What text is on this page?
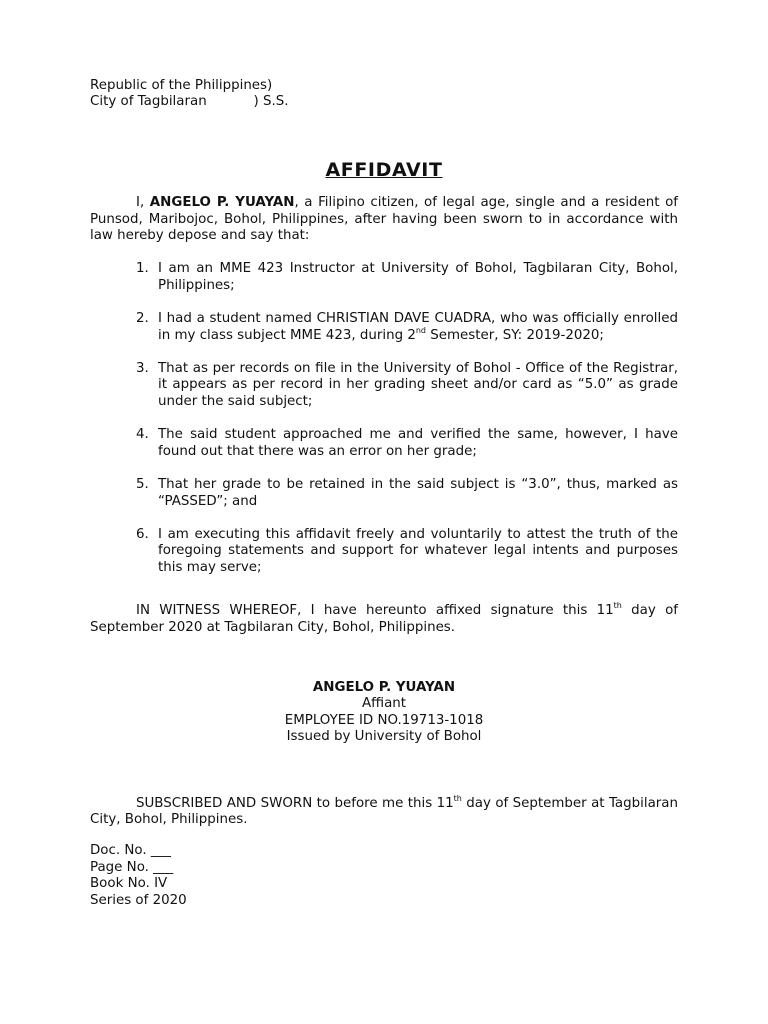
Republic of the Philippines)
City of Tagbilaran	) S.S.
AFFIDAVIT

I, ANGELO P. YUAYAN, a Filipino citizen, of legal age, single and a resident of Punsod, Maribojoc, Bohol, Philippines, after having been sworn to in accordance with law hereby depose and say that:

1. I am an MME 423 Instructor at University of Bohol, Tagbilaran City, Bohol, Philippines;
2. I had a student named CHRISTIAN DAVE CUADRA, who was officially enrolled in my class subject MME 423, during 2nd Semester, SY: 2019-2020;
3. That as per records on file in the University of Bohol - Office of the Registrar, it appears as per record in her grading sheet and/or card as “5.0” as grade under the said subject;
4. The said student approached me and verified the same, however, I have found out that there was an error on her grade;
5. That her grade to be retained in the said subject is “3.0”, thus, marked as “PASSED”; and
6. I am executing this affidavit freely and voluntarily to attest the truth of the foregoing statements and support for whatever legal intents and purposes this may serve;

IN WITNESS WHEREOF, I have hereunto affixed signature this 11th day of September 2020 at Tagbilaran City, Bohol, Philippines.

ANGELO P. YUAYAN
Affiant
EMPLOYEE ID NO.19713-1018
Issued by University of Bohol

SUBSCRIBED AND SWORN to before me this 11th day of September at Tagbilaran City, Bohol, Philippines.

Doc. No. ___
Page No. ___
Book No. IV
Series of 2020
